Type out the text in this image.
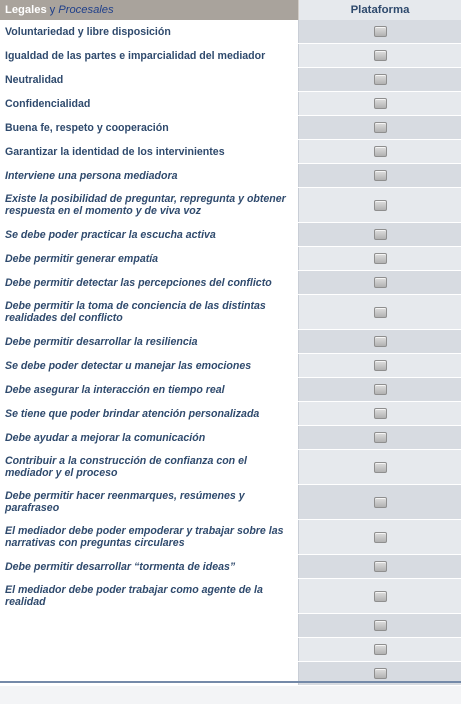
Legales y Procesales	Plataforma
Voluntariedad y libre disposición
Igualdad de las partes e imparcialidad del mediador
Neutralidad
Confidencialidad
Buena fe, respeto y cooperación
Garantizar la identidad de los intervinientes
Interviene una persona mediadora
Existe la posibilidad de preguntar, repregunta y obtener respuesta en el momento y de viva voz
Se debe poder practicar la escucha activa
Debe permitir generar empatía
Debe permitir detectar las percepciones del conflicto
Debe permitir la toma de conciencia de las distintas realidades del conflicto
Debe permitir desarrollar la resiliencia
Se debe poder detectar u manejar las emociones
Debe asegurar la interacción en tiempo real
Se tiene que poder brindar atención personalizada
Debe ayudar a mejorar la comunicación
Contribuir a la construcción de confianza con el mediador y el proceso
Debe permitir hacer reenmarques, resúmenes y parafraseo
El mediador debe poder empoderar y trabajar sobre las narrativas con preguntas circulares
Debe permitir desarrollar “tormenta de ideas”
El mediador debe poder trabajar como agente de la realidad
